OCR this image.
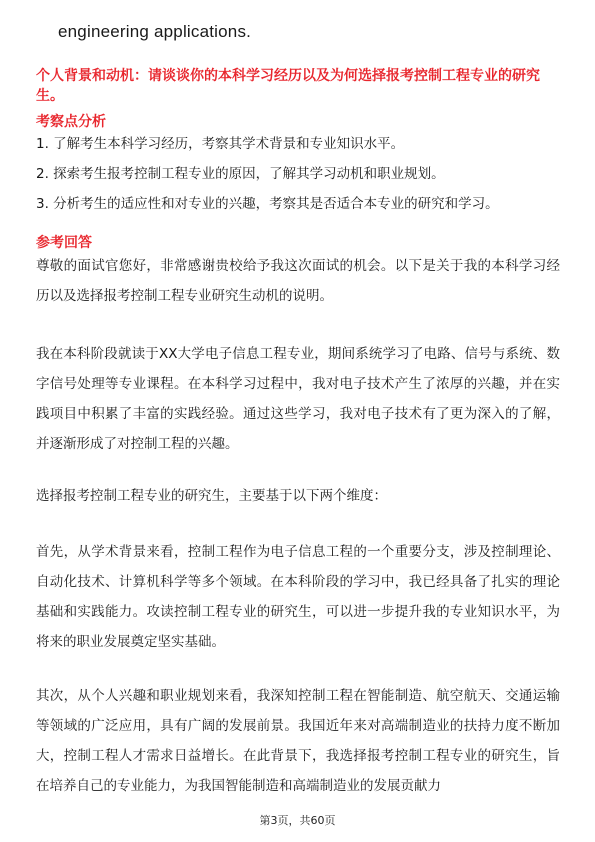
engineering applications.
个人背景和动机：请谈谈你的本科学习经历以及为何选择报考控制工程专业的研究生。
考察点分析
1. 了解考生本科学习经历，考察其学术背景和专业知识水平。
2. 探索考生报考控制工程专业的原因，了解其学习动机和职业规划。
3. 分析考生的适应性和对专业的兴趣，考察其是否适合本专业的研究和学习。
参考回答
尊敬的面试官您好，非常感谢贵校给予我这次面试的机会。以下是关于我的本科学习经历以及选择报考控制工程专业研究生动机的说明。
我在本科阶段就读于XX大学电子信息工程专业，期间系统学习了电路、信号与系统、数字信号处理等专业课程。在本科学习过程中，我对电子技术产生了浓厚的兴趣，并在实践项目中积累了丰富的实践经验。通过这些学习，我对电子技术有了更为深入的了解，并逐渐形成了对控制工程的兴趣。
选择报考控制工程专业的研究生，主要基于以下两个维度：
首先，从学术背景来看，控制工程作为电子信息工程的一个重要分支，涉及控制理论、自动化技术、计算机科学等多个领域。在本科阶段的学习中，我已经具备了扎实的理论基础和实践能力。攻读控制工程专业的研究生，可以进一步提升我的专业知识水平，为将来的职业发展奠定坚实基础。
其次，从个人兴趣和职业规划来看，我深知控制工程在智能制造、航空航天、交通运输等领域的广泛应用，具有广阔的发展前景。我国近年来对高端制造业的扶持力度不断加大，控制工程人才需求日益增长。在此背景下，我选择报考控制工程专业的研究生，旨在培养自己的专业能力，为我国智能制造和高端制造业的发展贡献力
第3页，共60页
